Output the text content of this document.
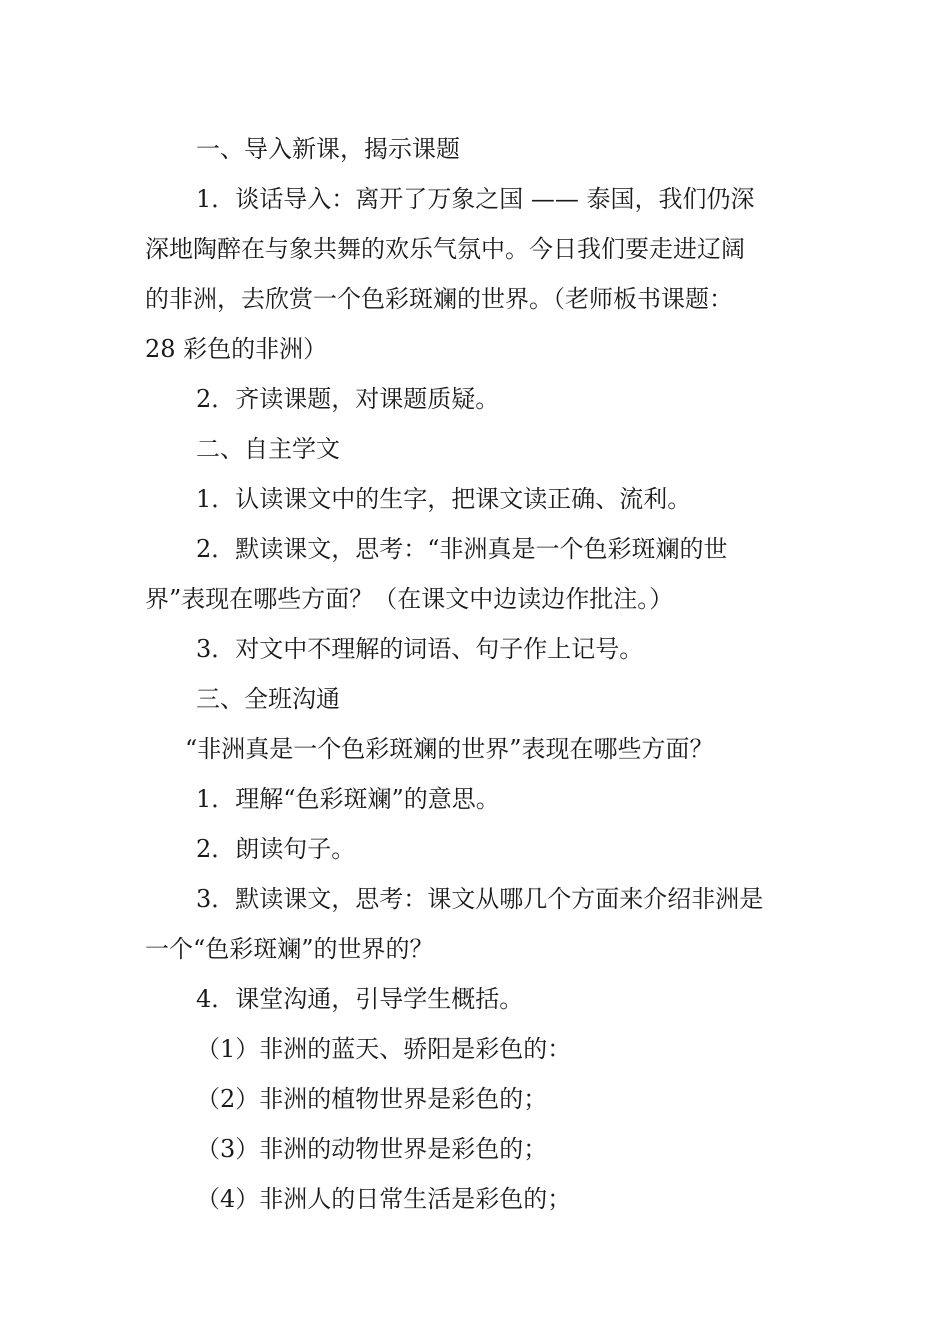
一、导入新课，揭示课题
1．谈话导入：离开了万象之国 —— 泰国，我们仍深
深地陶醉在与象共舞的欢乐气氛中。今日我们要走进辽阔
的非洲，去欣赏一个色彩斑斓的世界。（老师板书课题：
28 彩色的非洲）
2．齐读课题，对课题质疑。
二、自主学文
1．认读课文中的生字，把课文读正确、流利。
2．默读课文，思考：“非洲真是一个色彩斑斓的世
界”表现在哪些方面？（在课文中边读边作批注。）
3．对文中不理解的词语、句子作上记号。
三、全班沟通
“非洲真是一个色彩斑斓的世界”表现在哪些方面？
1．理解“色彩斑斓”的意思。
2．朗读句子。
3．默读课文，思考：课文从哪几个方面来介绍非洲是
一个“色彩斑斓”的世界的？
4．课堂沟通，引导学生概括。
（1）非洲的蓝天、骄阳是彩色的：
（2）非洲的植物世界是彩色的；
（3）非洲的动物世界是彩色的；
（4）非洲人的日常生活是彩色的；
